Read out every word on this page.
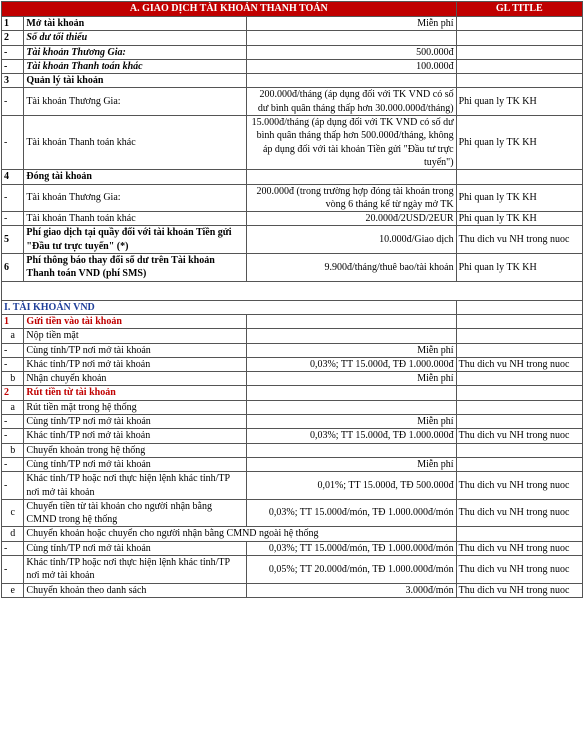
A. GIAO DỊCH TÀI KHOẢN THANH TOÁN			GL TITLE
1	Mở tài khoản	Miễn phí	
2	Số dư tối thiểu		
-	Tài khoản Thương Gia:	500.000đ	
-	Tài khoản Thanh toán khác	100.000đ	
3	Quản lý tài khoản		
-	Tài khoản Thương Gia:	200.000đ/tháng (áp dụng đối với TK VND có số dư bình quân tháng thấp hơn 30.000.000đ/tháng)	Phi quan ly TK KH
-	Tài khoản Thanh toán khác	15.000đ/tháng (áp dụng đối với TK VND có số dư bình quân tháng thấp hơn 500.000đ/tháng, không áp dụng đối với tài khoản Tiền gửi "Đầu tư trực tuyến")	Phi quan ly TK KH
4	Đóng tài khoản		
-	Tài khoản Thương Gia:	200.000đ (trong trường hợp đóng tài khoản trong vòng 6 tháng kể từ ngày mở TK	Phi quan ly TK KH
-	Tài khoản Thanh toán khác	20.000đ/2USD/2EUR	Phi quan ly TK KH
5	Phí giao dịch tại quầy đối với tài khoản Tiền gửi "Đầu tư trực tuyến" (*)	10.000đ/Giao dịch	Thu dich vu NH trong nuoc
6	Phí thông báo thay đổi số dư trên Tài khoản Thanh toán VND (phí SMS)	9.900đ/tháng/thuê bao/tài khoản	Phi quan ly TK KH

I. TÀI KHOẢN VND			
1	Gửi tiền vào tài khoản		
a	Nộp tiền mặt		
-	Cùng tỉnh/TP nơi mở tài khoản	Miễn phí	
-	Khác tỉnh/TP nơi mở tài khoản	0,03%; TT 15.000đ, TĐ 1.000.000đ	Thu dich vu NH trong nuoc
b	Nhận chuyển khoản	Miễn phí	
2	Rút tiền từ tài khoản		
a	Rút tiền mặt trong hệ thống		
-	Cùng tỉnh/TP nơi mở tài khoản	Miễn phí	
-	Khác tỉnh/TP nơi mở tài khoản	0,03%; TT 15.000đ, TĐ 1.000.000đ	Thu dich vu NH trong nuoc
b	Chuyển khoản trong hệ thống		
-	Cùng tỉnh/TP nơi mở tài khoản	Miễn phí	
-	Khác tỉnh/TP hoặc nơi thực hiện lệnh khác tỉnh/TP nơi mở tài khoản	0,01%; TT 15.000đ, TĐ 500.000đ	Thu dich vu NH trong nuoc
c	Chuyển tiền từ tài khoản cho người nhận bằng CMND trong hệ thống	0,03%; TT 15.000đ/món, TĐ 1.000.000đ/món	Thu dich vu NH trong nuoc
d	Chuyển khoản hoặc chuyển cho người nhận bằng CMND ngoài hệ thống		
-	Cùng tỉnh/TP nơi mở tài khoản	0,03%; TT 15.000đ/món, TĐ 1.000.000đ/món	Thu dich vu NH trong nuoc
-	Khác tỉnh/TP hoặc nơi thực hiện lệnh khác tỉnh/TP nơi mở tài khoản	0,05%; TT 20.000đ/món, TĐ 1.000.000đ/món	Thu dich vu NH trong nuoc
e	Chuyển khoản theo danh sách	3.000đ/món	Thu dich vu NH trong nuoc
